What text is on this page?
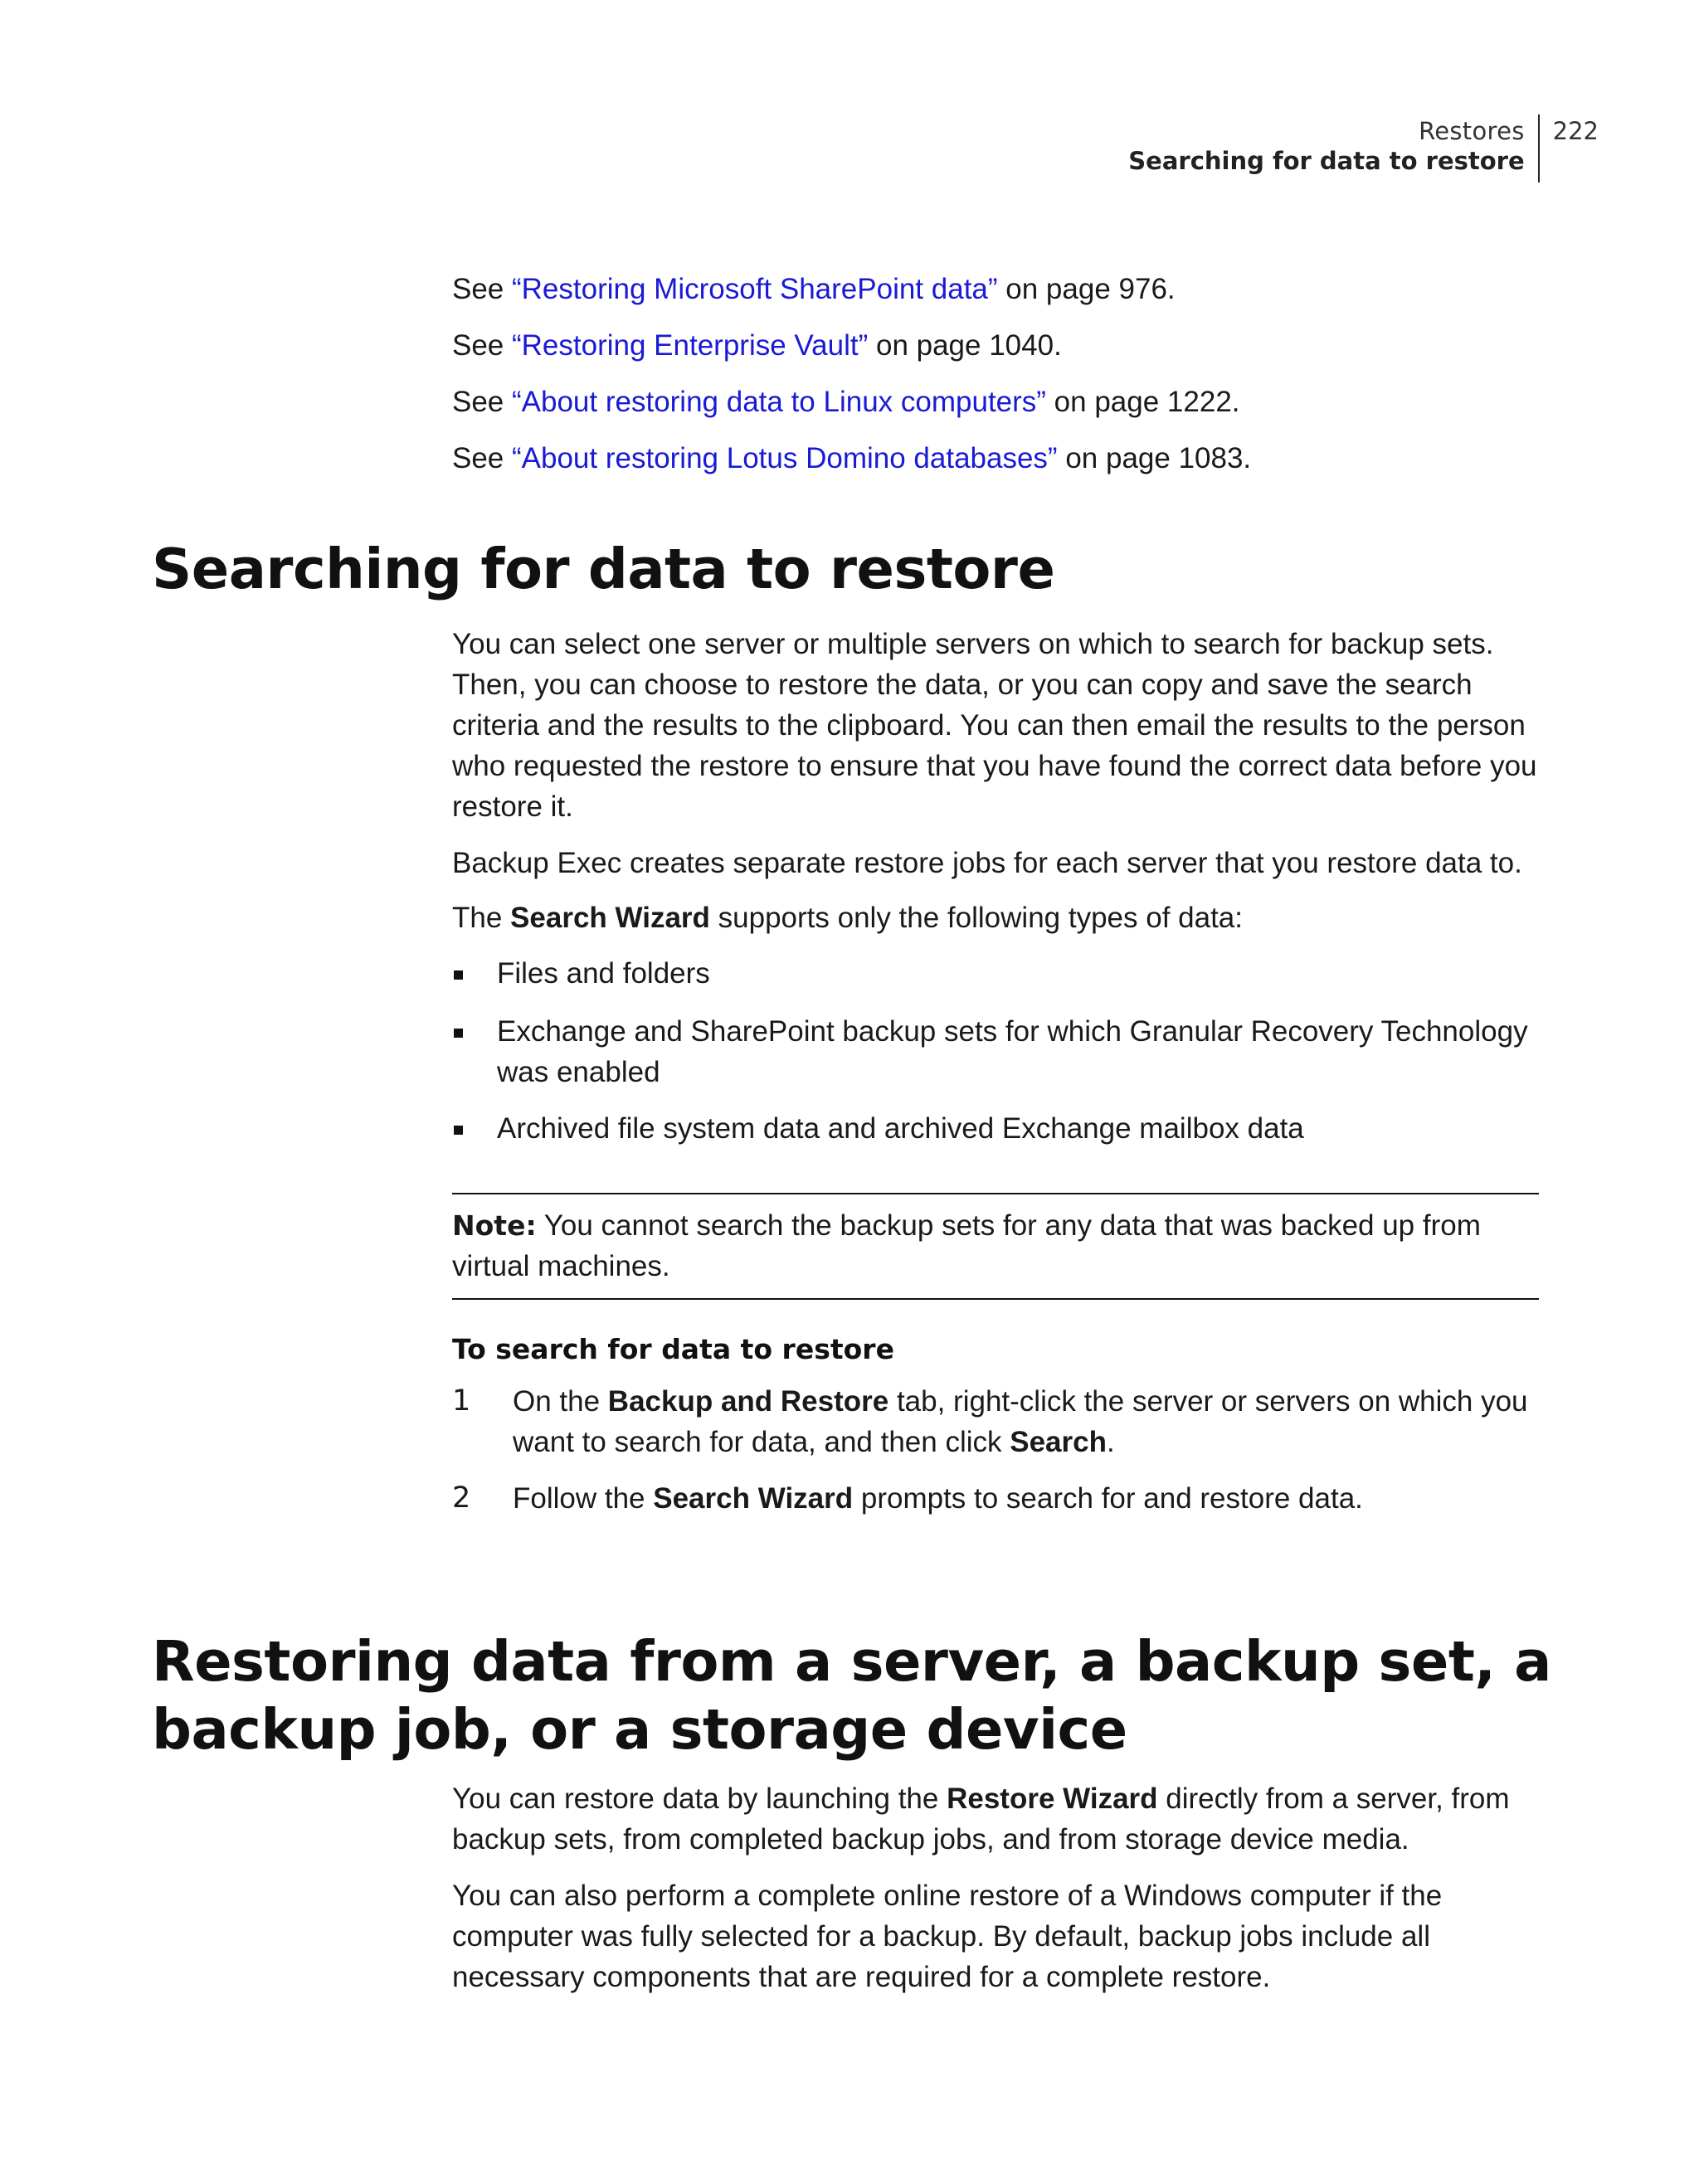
Restores
Searching for data to restore
222
See “Restoring Microsoft SharePoint data” on page 976.
See “Restoring Enterprise Vault” on page 1040.
See “About restoring data to Linux computers” on page 1222.
See “About restoring Lotus Domino databases” on page 1083.
Searching for data to restore

You can select one server or multiple servers on which to search for backup sets. Then, you can choose to restore the data, or you can copy and save the search criteria and the results to the clipboard. You can then email the results to the person who requested the restore to ensure that you have found the correct data before you restore it.

Backup Exec creates separate restore jobs for each server that you restore data to.

The Search Wizard supports only the following types of data:

Files and folders
Exchange and SharePoint backup sets for which Granular Recovery Technology was enabled
Archived file system data and archived Exchange mailbox data

Note: You cannot search the backup sets for any data that was backed up from virtual machines.

To search for data to restore
1 On the Backup and Restore tab, right-click the server or servers on which you want to search for data, and then click Search.
2 Follow the Search Wizard prompts to search for and restore data.
Restoring data from a server, a backup set, a backup job, or a storage device

You can restore data by launching the Restore Wizard directly from a server, from backup sets, from completed backup jobs, and from storage device media.

You can also perform a complete online restore of a Windows computer if the computer was fully selected for a backup. By default, backup jobs include all necessary components that are required for a complete restore.
